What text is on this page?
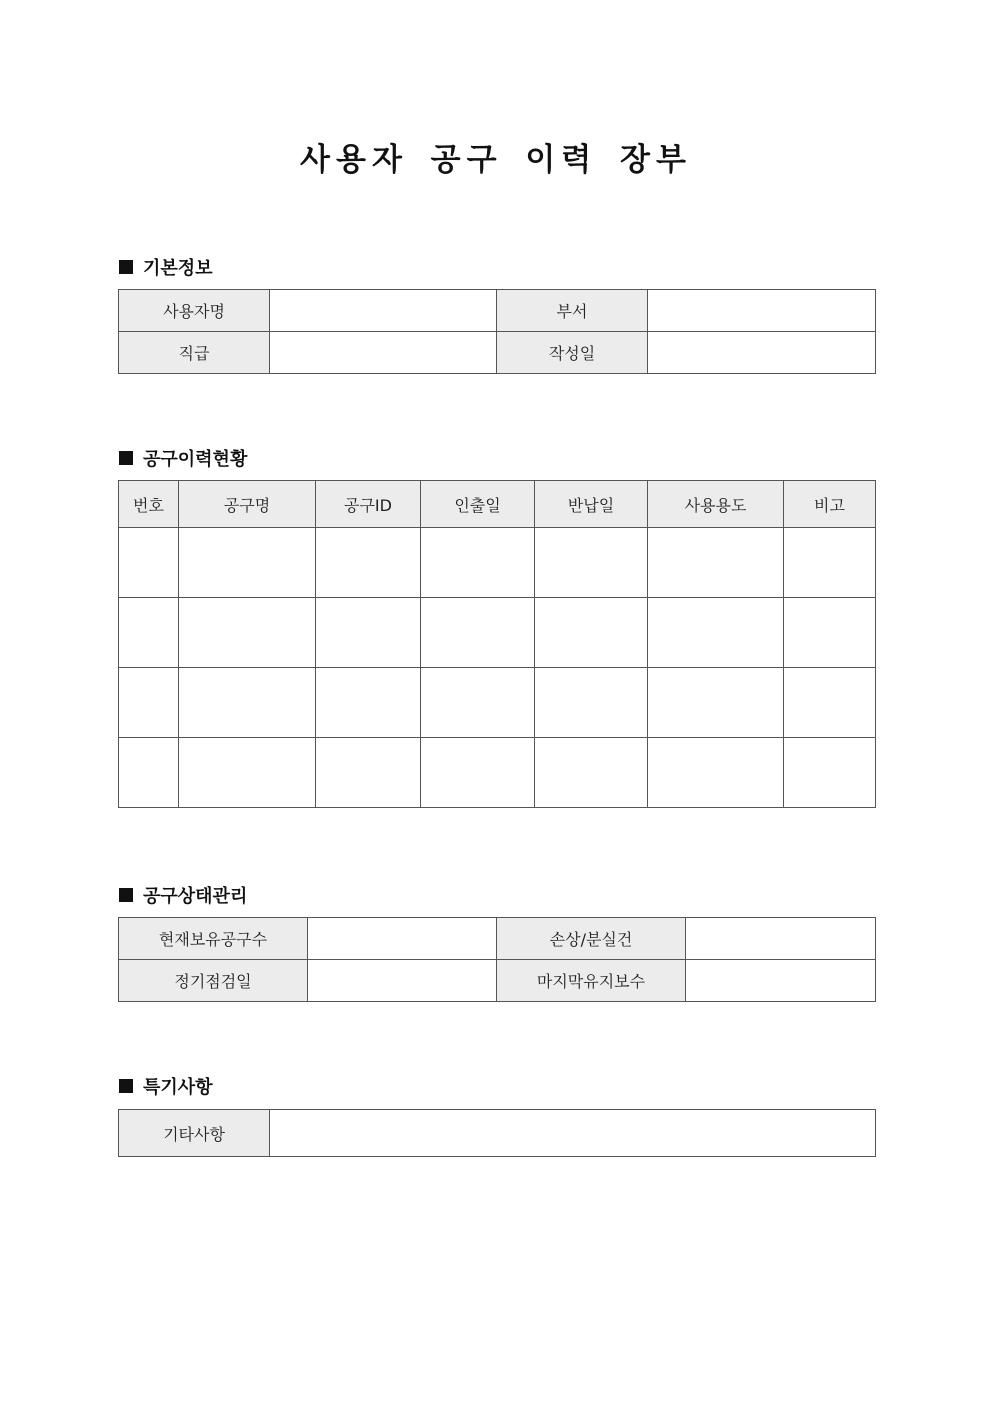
사용자 공구 이력 장부
기본정보
사용자명		부서	
직급		작성일	
공구이력현황
번호	공구명	공구ID	인출일	반납일	사용용도	비고

공구상태관리
현재보유공구수		손상/분실건	
정기점검일		마지막유지보수	
특기사항
기타사항	
